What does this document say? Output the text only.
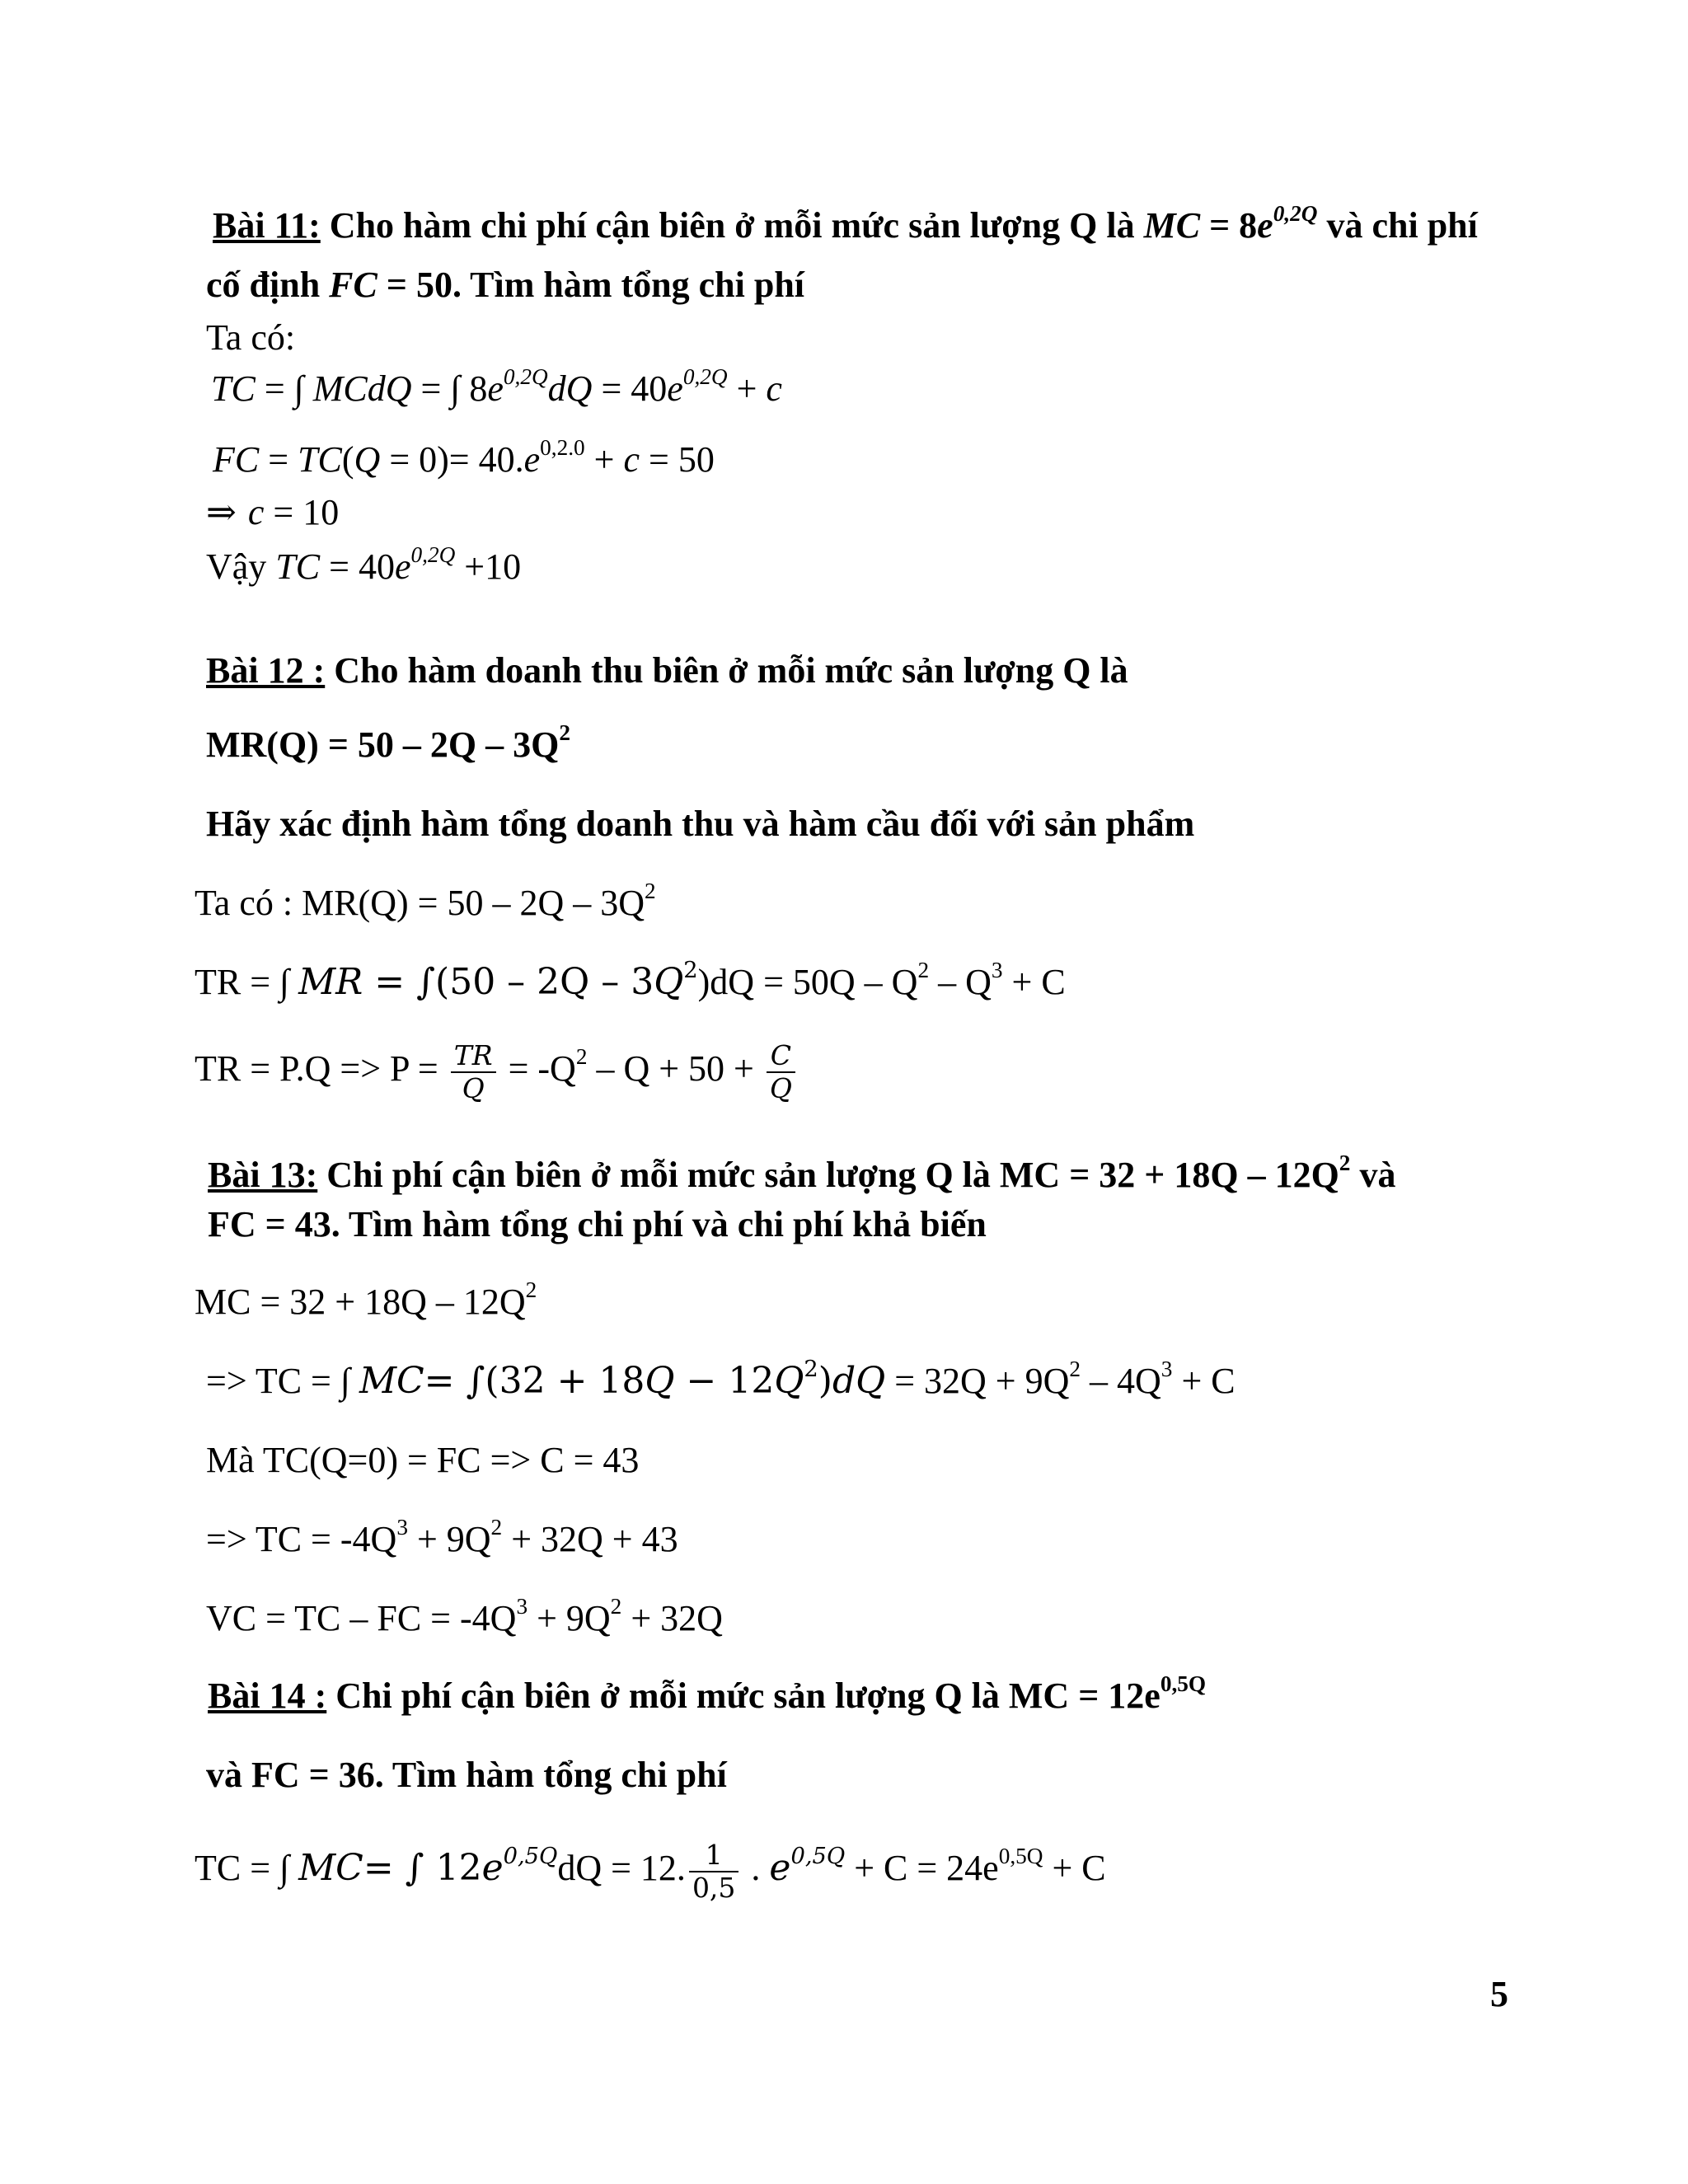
Bài 11: Cho hàm chi phí cận biên ở mỗi mức sản lượng Q là MC = $8e^{0,2Q}$ và chi phí
cố định FC = 50. Tìm hàm tổng chi phí
Ta có:
TC = ∫ MCdQ = ∫ $8e^{0,2Q}dQ = 40e^{0,2Q} + c$
FC = $TC(Q = 0)= 40.e^{0,2.0} + c = 50$
⇒ c = 10
Vậy TC = $40e^{0,2Q} +10$
Bài 12 : Cho hàm doanh thu biên ở mỗi mức sản lượng Q là
$MR(Q) = 50 - 2Q - 3Q^2$
Hãy xác định hàm tổng doanh thu và hàm cầu đối với sản phẩm
Ta có : $MR(Q) = 50 - 2Q - 3Q^2$
TR = ∫ MR = $\int(50 - 2Q - 3Q^2)dQ = 50Q - Q^2 - Q^3 + C$
TR = $P.Q => P = \frac{TR}{Q} = -Q^2 - Q + 50 + \frac{C}{Q}$
Bài 13: Chi phí cận biên ở mỗi mức sản lượng Q là MC = $32 + 18Q - 12Q^2$ và
FC = 43. Tìm hàm tổng chi phí và chi phí khả biến
MC = $32 + 18Q - 12Q^2$
=> TC = ∫ $MC= \int(32 + 18Q - 12Q^2)dQ = 32Q + 9Q^2 - 4Q^3 + C$
Mà TC(Q=0) = FC => C = 43
=> TC = $-4Q^3 + 9Q^2 + 32Q + 43$
VC = TC – FC = $-4Q^3 + 9Q^2 + 32Q$
Bài 14 : Chi phí cận biên ở mỗi mức sản lượng Q là MC = $12e^{0,5Q}$
và FC = 36. Tìm hàm tổng chi phí
TC = ∫ MC= ∫ $12e^{0,5Q}dQ = 12$. $\frac{1}{0,5}$ . $e^{0,5Q} + C = 24e^{0,5Q} + C$
5
